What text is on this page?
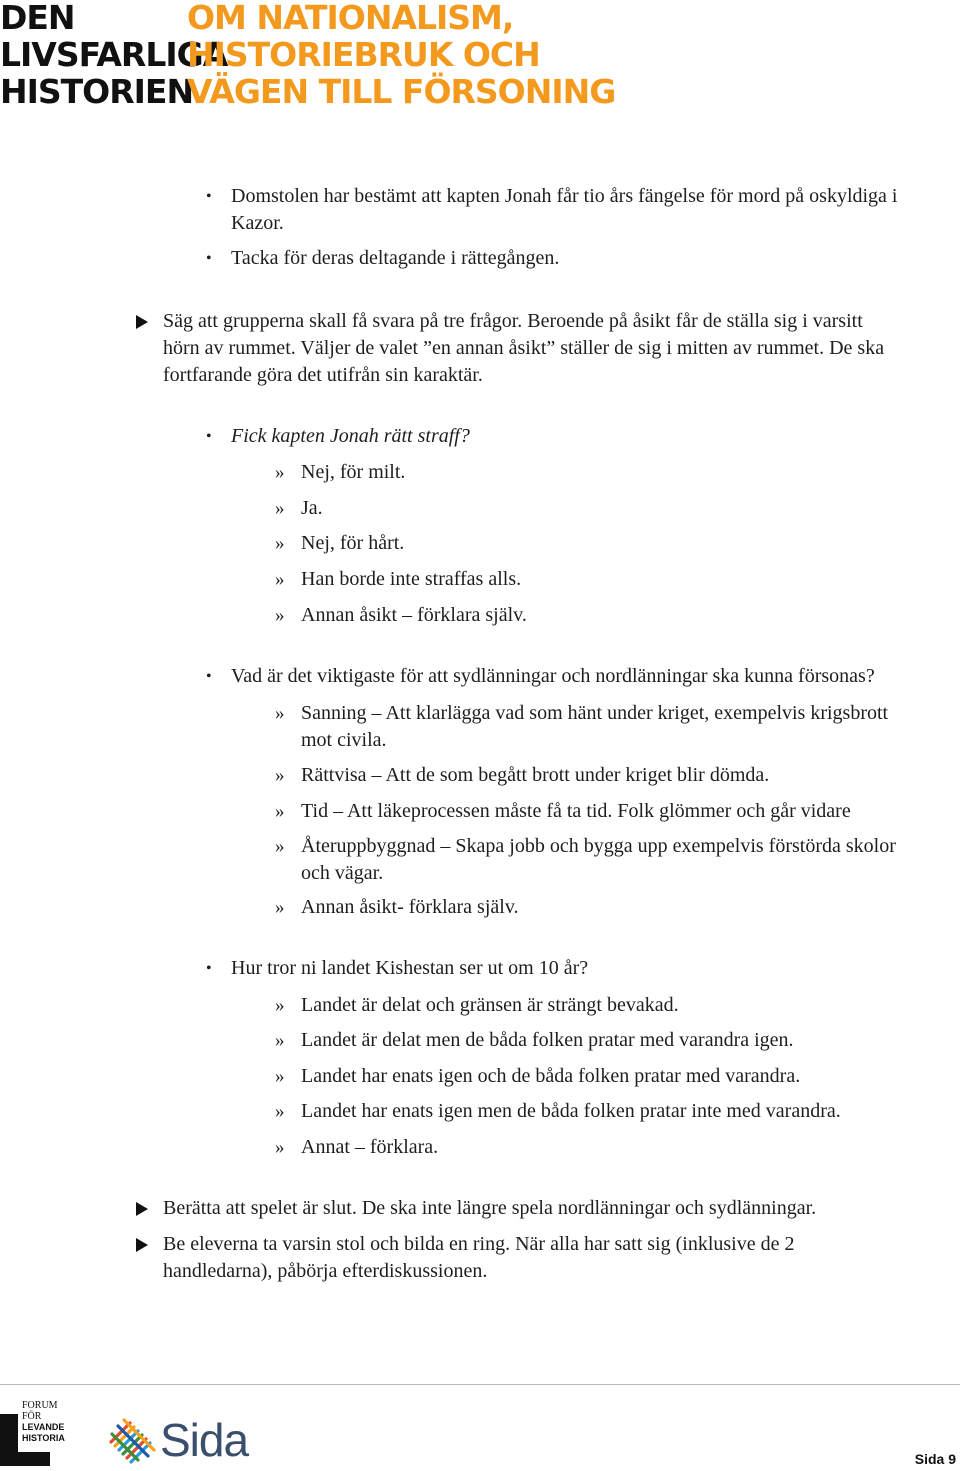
DEN	OM NATIONALISM,
LIVSFARLIGA
HISTORIEBRUK OCH
HISTORIEN
VÄGEN TILL FÖRSONING
• Domstolen har bestämt att kapten Jonah får tio års fängelse för mord på oskyldiga i
Kazor.
• Tacka för deras deltagande i rättegången.
Säg att grupperna skall få svara på tre frågor. Beroende på åsikt får de ställa sig i varsitt
hörn av rummet. Väljer de valet ”en annan åsikt” ställer de sig i mitten av rummet. De ska
fortfarande göra det utifrån sin karaktär.
• Fick kapten Jonah rätt straff?
» Nej, för milt.
» Ja.
» Nej, för hårt.
» Han borde inte straffas alls.
» Annan åsikt – förklara själv.
• Vad är det viktigaste för att sydlänningar och nordlänningar ska kunna försonas?
» Sanning – Att klarlägga vad som hänt under kriget, exempelvis krigsbrott
mot civila.
» Rättvisa – Att de som begått brott under kriget blir dömda.
» Tid – Att läkeprocessen måste få ta tid. Folk glömmer och går vidare
» Återuppbyggnad – Skapa jobb och bygga upp exempelvis förstörda skolor
och vägar.
» Annan åsikt- förklara själv.
• Hur tror ni landet Kishestan ser ut om 10 år?
» Landet är delat och gränsen är strängt bevakad.
» Landet är delat men de båda folken pratar med varandra igen.
» Landet har enats igen och de båda folken pratar med varandra.
» Landet har enats igen men de båda folken pratar inte med varandra.
» Annat – förklara.
Berätta att spelet är slut. De ska inte längre spela nordlänningar och sydlänningar.
Be eleverna ta varsin stol och bilda en ring. När alla har satt sig (inklusive de 2
handledarna), påbörja efterdiskussionen.
FORUM
FÖR
LEVANDE
HISTORIA Sida	Sida 9
